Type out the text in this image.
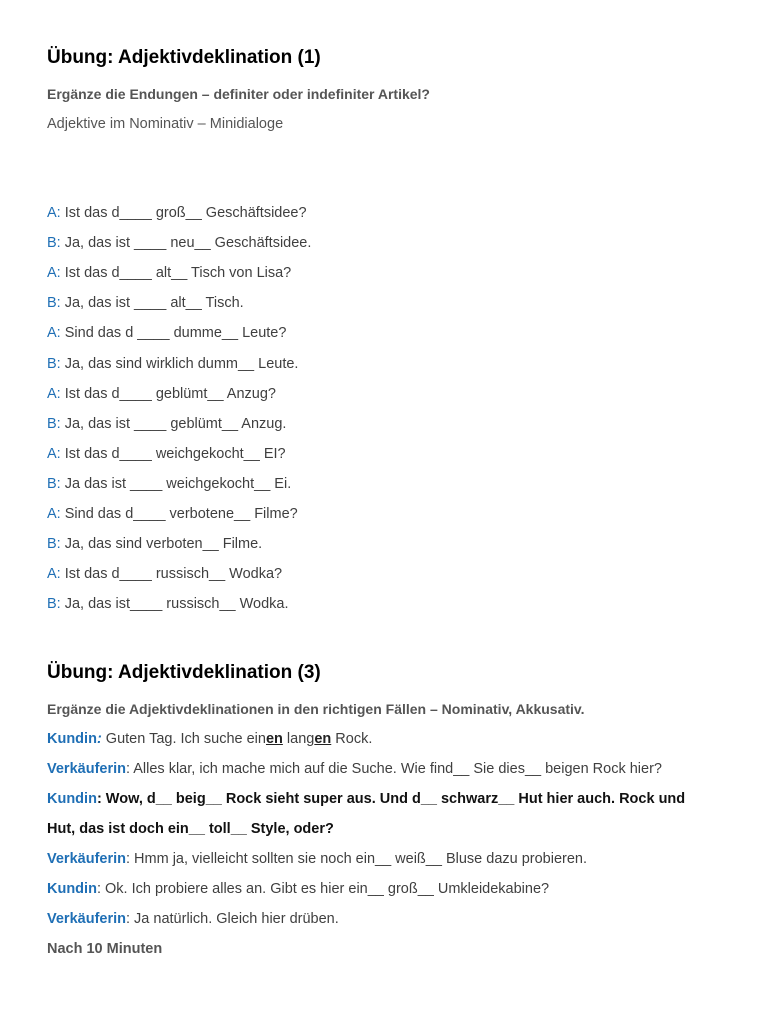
Übung: Adjektivdeklination (1)
Ergänze die Endungen – definiter oder indefiniter Artikel?
Adjektive im Nominativ – Minidialoge
A: Ist das d____ groß__ Geschäftsidee?
B: Ja, das ist ____ neu__ Geschäftsidee.
A: Ist das d____ alt__ Tisch von Lisa?
B: Ja, das ist ____ alt__ Tisch.
A: Sind das d ____ dumme__ Leute?
B: Ja, das sind wirklich dumm__ Leute.
A: Ist das d____ geblümt__ Anzug?
B: Ja, das ist ____ geblümt__ Anzug.
A: Ist das d____ weichgekocht__ EI?
B: Ja das ist ____ weichgekocht__ Ei.
A: Sind das d____ verbotene__ Filme?
B: Ja, das sind verboten__ Filme.
A: Ist das d____ russisch__ Wodka?
B: Ja, das ist____ russisch__ Wodka.
Übung: Adjektivdeklination (3)
Ergänze die Adjektivdeklinationen in den richtigen Fällen – Nominativ, Akkusativ.
Kundin: Guten Tag. Ich suche einen langen Rock.
Verkäuferin: Alles klar, ich mache mich auf die Suche. Wie find__ Sie dies__ beigen Rock hier?
Kundin: Wow, d__ beig__ Rock sieht super aus. Und d__ schwarz__ Hut hier auch. Rock und
Hut, das ist doch ein__ toll__ Style, oder?
Verkäuferin: Hmm ja, vielleicht sollten sie noch ein__ weiß__ Bluse dazu probieren.
Kundin: Ok. Ich probiere alles an. Gibt es hier ein__ groß__ Umkleidekabine?
Verkäuferin: Ja natürlich. Gleich hier drüben.
Nach 10 Minuten
